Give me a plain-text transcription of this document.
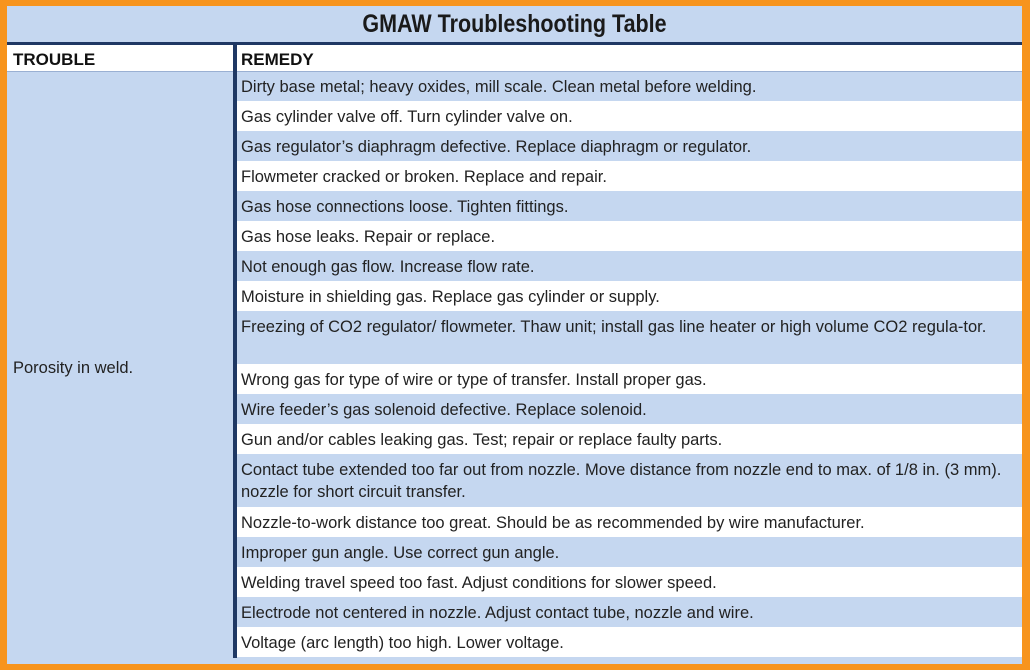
GMAW Troubleshooting Table
TROUBLE
Porosity in weld.
REMEDY
Dirty base metal; heavy oxides, mill scale. Clean metal before welding.
Gas cylinder valve off. Turn cylinder valve on.
Gas regulator’s diaphragm defective. Replace diaphragm or regulator.
Flowmeter cracked or broken. Replace and repair.
Gas hose connections loose. Tighten fittings.
Gas hose leaks. Repair or replace.
Not enough gas flow. Increase flow rate.
Moisture in shielding gas. Replace gas cylinder or supply.
Freezing of CO2 regulator/ flowmeter. Thaw unit; install gas line heater or high volume CO2 regula-tor.
Wrong gas for type of wire or type of transfer. Install proper gas.
Wire feeder’s gas solenoid defective. Replace solenoid.
Gun and/or cables leaking gas. Test; repair or replace faulty parts.
Contact tube extended too far out from nozzle. Move distance from nozzle end to max. of 1/8 in. (3 mm). nozzle for short circuit transfer.
Nozzle-to-work distance too great. Should be as recommended by wire manufacturer.
Improper gun angle. Use correct gun angle.
Welding travel speed too fast. Adjust conditions for slower speed.
Electrode not centered in nozzle. Adjust contact tube, nozzle and wire.
Voltage (arc length) too high. Lower voltage.
